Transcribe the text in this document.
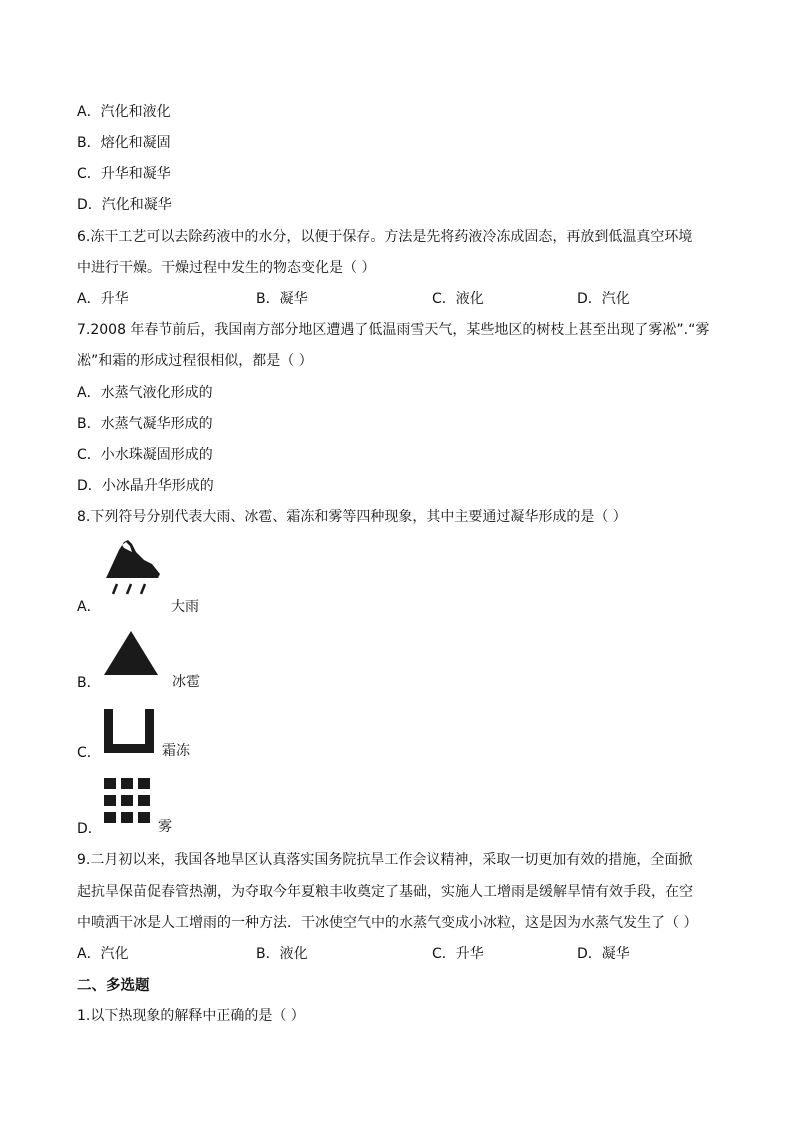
A．汽化和液化
B．熔化和凝固
C．升华和凝华
D．汽化和凝华
6.冻干工艺可以去除药液中的水分，以便于保存。方法是先将药液冷冻成固态，再放到低温真空环境
中进行干燥。干燥过程中发生的物态变化是（ ）
A．升华	B．凝华	C．液化	D．汽化
7.2008 年春节前后，我国南方部分地区遭遇了低温雨雪天气，某些地区的树枝上甚至出现了雾凇”.“雾
凇”和霜的形成过程很相似，都是（ ）
A．水蒸气液化形成的
B．水蒸气凝华形成的
C．小水珠凝固形成的
D．小冰晶升华形成的
8.下列符号分别代表大雨、冰雹、霜冻和雾等四种现象，其中主要通过凝华形成的是（ ）
A．	大雨
B．	冰雹
C．	霜冻
D．	雾
9.二月初以来，我国各地旱区认真落实国务院抗旱工作会议精神，采取一切更加有效的措施，全面掀
起抗旱保苗促春管热潮，为夺取今年夏粮丰收奠定了基础，实施人工增雨是缓解旱情有效手段，在空
中喷洒干冰是人工增雨的一种方法．干冰使空气中的水蒸气变成小冰粒，这是因为水蒸气发生了（ ）
A．汽化	B．液化	C．升华	D．凝华
二、多选题
1.以下热现象的解释中正确的是（ ）
